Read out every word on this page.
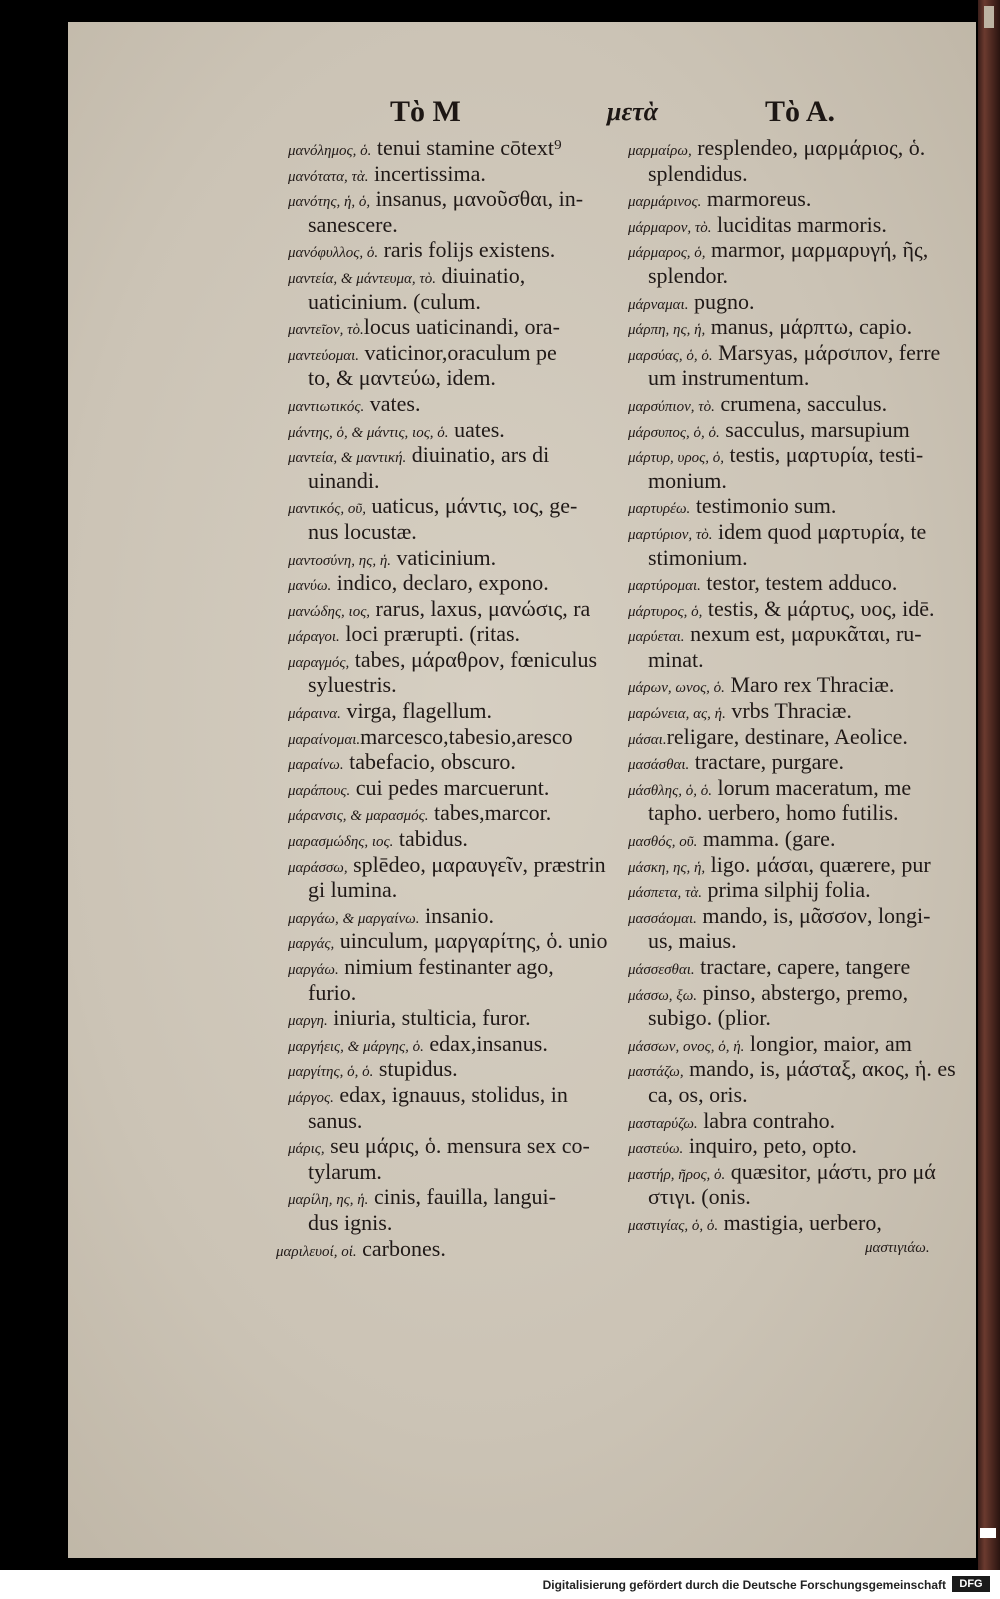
Τὸ Μ	μετὰ	Τὸ Α.
μανόλημος, ὁ. tenui stamine cōtext⁹
μανότατα, τὰ. incertissima.
μανότης, ἡ, ὁ, insanus, μανοῦσθαι, in-
sanescere.
μανόφυλλος, ὁ. raris folijs existens.
μαντεία, & μάντευμα, τὸ. diuinatio,
uaticinium. (culum.
μαντεῖον, τὸ.locus uaticinandi, ora-
μαντεύομαι. vaticinor,oraculum pe
to, & μαντεύω, idem.
μαντιωτικός. vates.
μάντης, ὁ, & μάντις, ιος, ὁ. uates.
μαντεία, & μαντική. diuinatio, ars di
uinandi.
μαντικός, οῦ, uaticus, μάντις, ιος, ge-
nus locustæ.
μαντοσύνη, ης, ἡ. vaticinium.
μανύω. indico, declaro, expono.
μανώδης, ιος, rarus, laxus, μανώσις, ra
μάραγοι. loci prærupti. (ritas.
μαραγμός, tabes, μάραθρον, fœniculus
syluestris.
μάραινα. virga, flagellum.
μαραίνομαι.marcesco,tabesio,aresco
μαραίνω. tabefacio, obscuro.
μαράπους. cui pedes marcuerunt.
μάρανσις, & μαρασμός. tabes,marcor.
μαρασμώδης, ιος. tabidus.
μαράσσω, splēdeo, μαραυγεῖν, præstrin
gi lumina.
μαργάω, & μαργαίνω. insanio.
μαργάς, uinculum, μαργαρίτης, ὁ. unio
μαργάω. nimium festinanter ago,
furio.
μαργη. iniuria, stulticia, furor.
μαργήεις, & μάργης, ὁ. edax,insanus.
μαργίτης, ὁ, ὁ. stupidus.
μάργος. edax, ignauus, stolidus, in
sanus.
μάρις, seu μάρις, ὁ. mensura sex co-
tylarum.
μαρίλη, ης, ἡ. cinis, fauilla, langui-
dus ignis.
μαρμαίρω, resplendeo, μαρμάριος, ὁ.
splendidus.
μαρμάρινος. marmoreus.
μάρμαρον, τὸ. luciditas marmoris.
μάρμαρος, ὁ, marmor, μαρμαρυγή, ῆς,
splendor.
μάρναμαι. pugno.
μάρπη, ης, ἡ, manus, μάρπτω, capio.
μαρσύας, ὁ, ὁ. Marsyas, μάρσιπον, ferre
um instrumentum.
μαρσύπιον, τὸ. crumena, sacculus.
μάρσυπος, ὁ, ὁ. sacculus, marsupium
μάρτυρ, υρος, ὁ, testis, μαρτυρία, testi-
monium.
μαρτυρέω. testimonio sum.
μαρτύριον, τὸ. idem quod μαρτυρία, te
stimonium.
μαρτύρομαι. testor, testem adduco.
μάρτυρος, ὁ, testis, & μάρτυς, υος, idē.
μαρύεται. nexum est, μαρυκᾶται, ru-
minat.
μάρων, ωνος, ὁ. Maro rex Thraciæ.
μαρώνεια, ας, ἡ. vrbs Thraciæ.
μάσαι.religare, destinare, Aeolice.
μασάσθαι. tractare, purgare.
μάσθλης, ὁ, ὁ. lorum maceratum, me
tapho. uerbero, homo futilis.
μασθός, οῦ. mamma. (gare.
μάσκη, ης, ἡ, ligo. μάσαι, quærere, pur
μάσπετα, τὰ. prima silphij folia.
μασσάομαι. mando, is, μᾶσσον, longi-
us, maius.
μάσσεσθαι. tractare, capere, tangere
μάσσω, ξω. pinso, abstergo, premo,
subigo. (plior.
μάσσων, ονος, ὁ, ἡ. longior, maior, am
μαστάζω, mando, is, μάσταξ, ακος, ἡ. es
ca, os, oris.
μασταρύζω. labra contraho.
μαστεύω. inquiro, peto, opto.
μαστήρ, ῆρος, ὁ. quæsitor, μάστι, pro μά
στιγι. (onis.
μαστιγίας, ὁ, ὁ. mastigia, uerbero,
μαριλευοί, οἱ. carbones.	μαστιγιάω.
Digitalisierung gefördert durch die Deutsche Forschungsgemeinschaft	DFG
